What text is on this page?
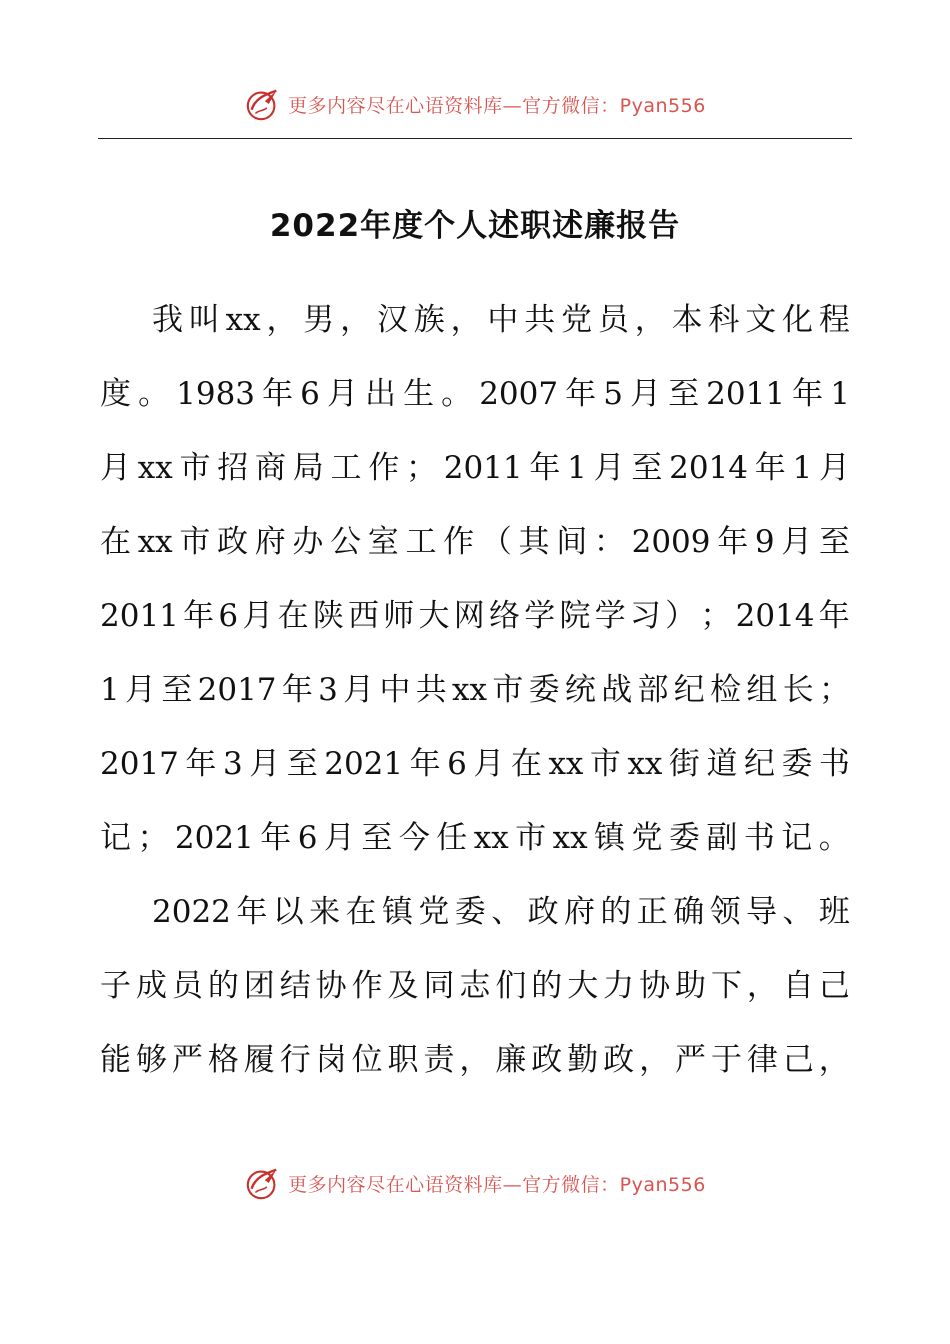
更多内容尽在心语资料库—官方微信：Pyan556
2022年度个人述职述廉报告
我 叫 xx ， 男 ， 汉 族 ， 中 共 党 员 ， 本 科 文 化 程
度 。 1983 年 6 月 出 生 。 2007 年 5 月 至 2011 年 1
月 xx 市 招 商 局 工 作 ； 2011 年 1 月 至 2014 年 1 月
在 xx 市 政 府 办 公 室 工 作 （ 其 间 ： 2009 年 9 月 至
2011 年 6 月 在 陕 西 师 大 网 络 学 院 学 习 ） ； 2014 年
1 月 至 2017 年 3 月 中 共 xx 市 委 统 战 部 纪 检 组 长 ；
2017 年 3 月 至 2021 年 6 月 在 xx 市 xx 街 道 纪 委 书
记 ； 2021 年 6 月 至 今 任 xx 市 xx 镇 党 委 副 书 记 。
2022 年 以 来 在 镇 党 委 、 政 府 的 正 确 领 导 、 班
子 成 员 的 团 结 协 作 及 同 志 们 的 大 力 协 助 下 ， 自 己
能 够 严 格 履 行 岗 位 职 责 ， 廉 政 勤 政 ， 严 于 律 己 ，
更多内容尽在心语资料库—官方微信：Pyan556
